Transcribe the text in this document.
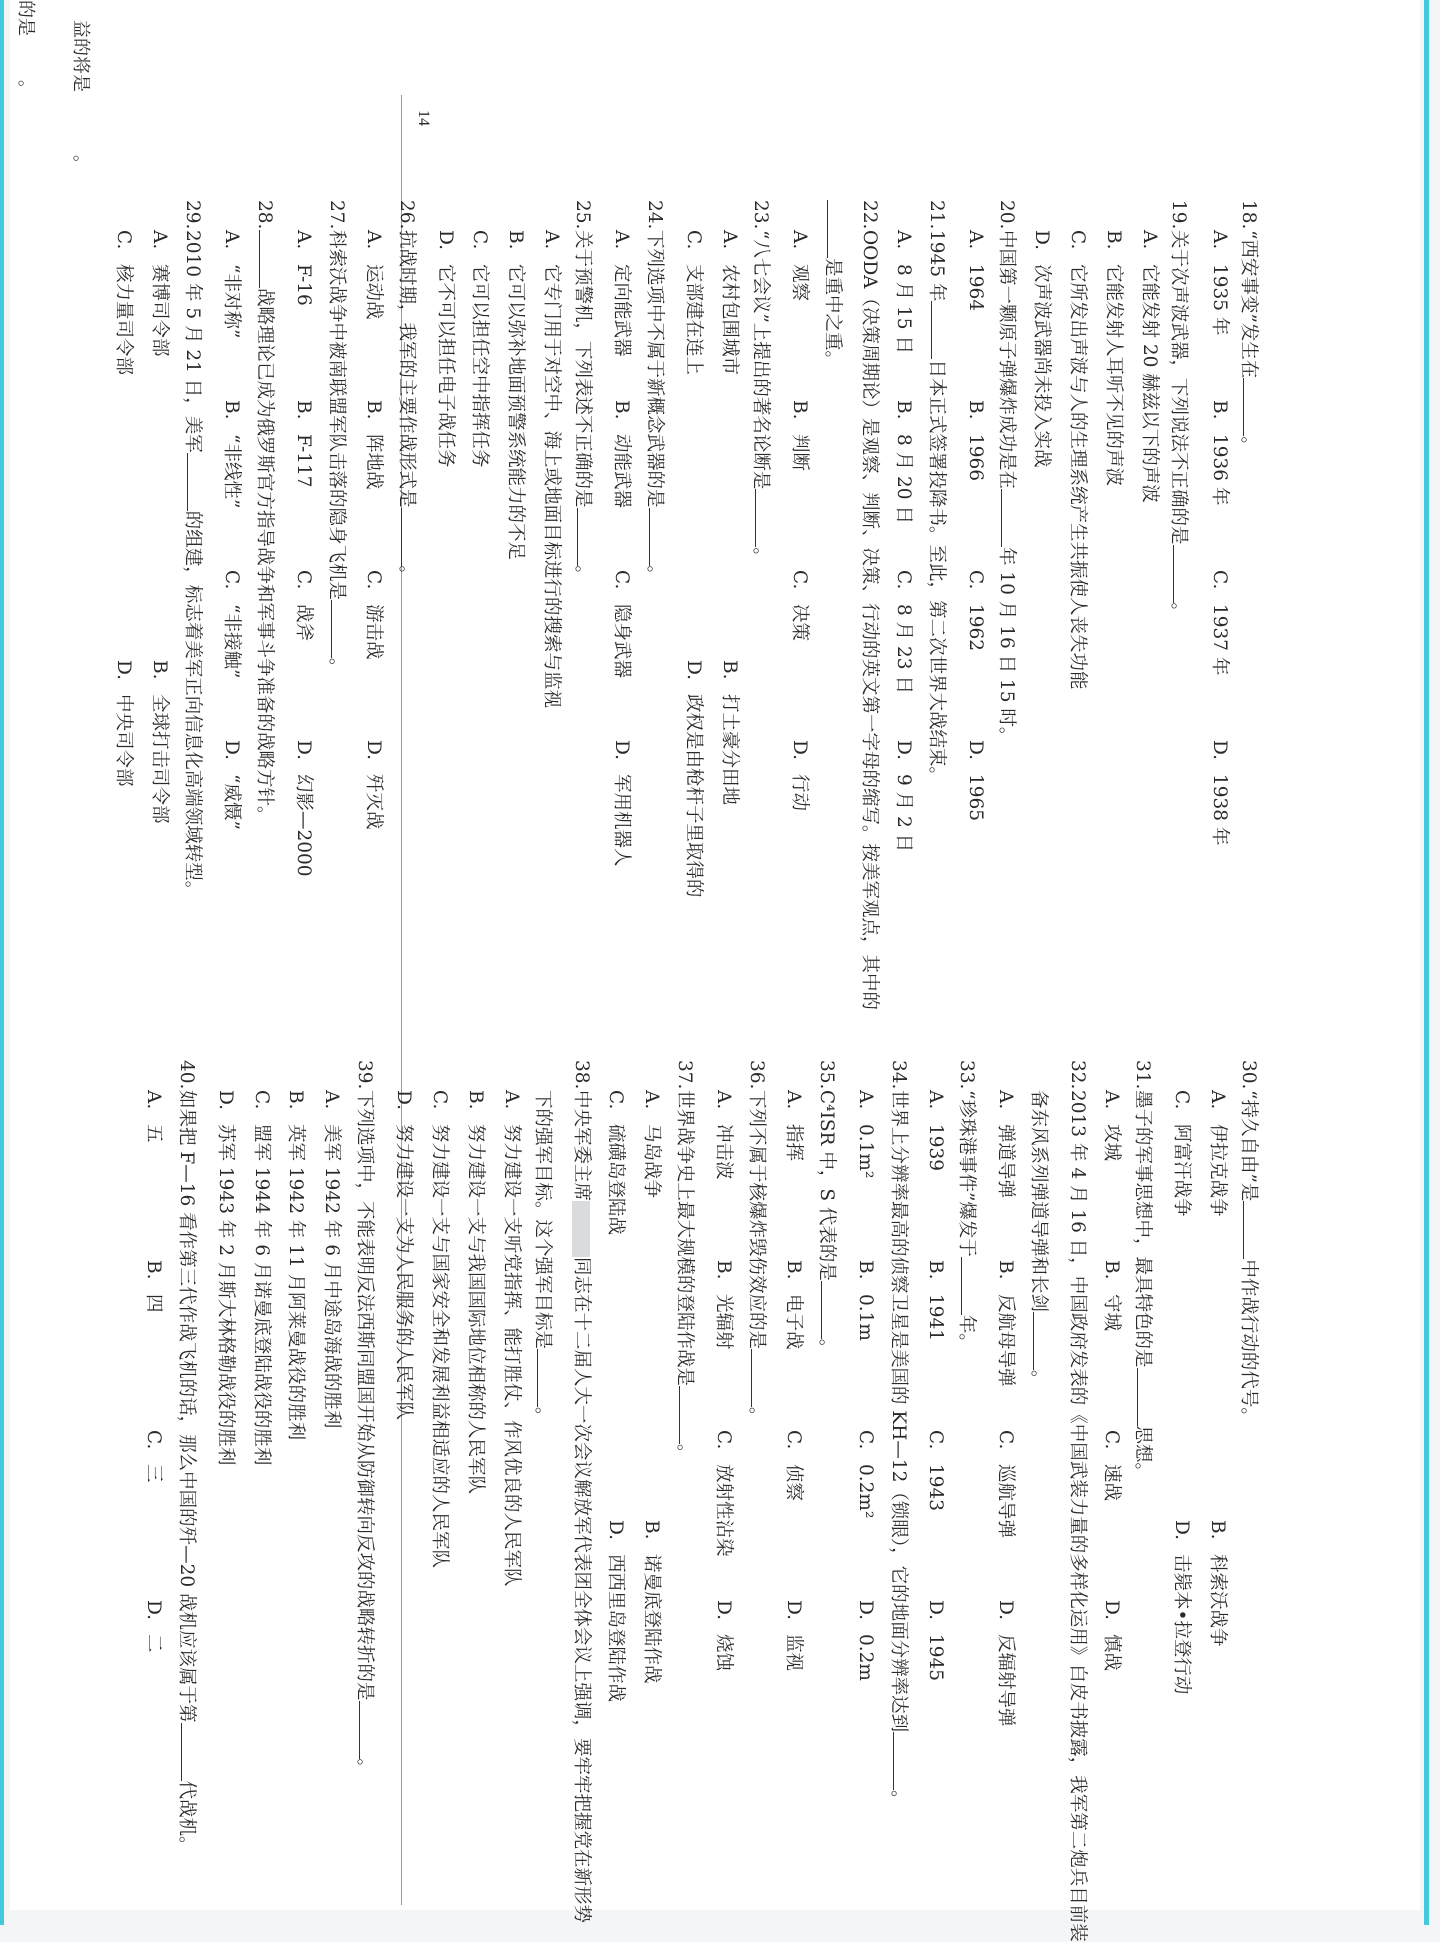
的是
。 益的将是
。
14
18.“西安事变”发生在。
A.1935 年
B.1936 年
C.1937 年
D.1938 年
19.关于次声波武器，下列说法不正确的是。
A.它能发射 20 赫兹以下的声波
B.它能发射人耳听不见的声波
C.它所发出声波与人的生理系统产生共振使人丧失功能
D.次声波武器尚未投入实战
20.中国第一颗原子弹爆炸成功是在年 10 月 16 日 15 时。
A.1964
B.1966
C.1962
D.1965
21.1945 年日本正式签署投降书。至此，第二次世界大战结束。
A.8 月 15 日
B.8 月 20 日
C.8 月 23 日
D.9 月 2 日
22.OODA（决策周期论）是观察、判断、决策、行动的英文第一字母的缩写。按美军观点，其中的
是重中之重。
A.观察
B.判断
C.决策
D.行动
23.“八七会议”上提出的著名论断是。
A.农村包围城市
B.打土豪分田地
C.支部建在连上
D.政权是由枪杆子里取得的
24.下列选项中不属于新概念武器的是。
A.定向能武器
B.动能武器
C.隐身武器
D.军用机器人
25.关于预警机，下列表述不正确的是。
A.它专门用于对空中、海上或地面目标进行的搜索与监视
B.它可以弥补地面预警系统能力的不足
C.它可以担任空中指挥任务
D.它不可以担任电子战任务
26.抗战时期，我军的主要作战形式是。
A.运动战
B.阵地战
C.游击战
D.歼灭战
27.科索沃战争中被南联盟军队击落的隐身飞机是。
A.F-16
B.F-117
C.战斧
D.幻影—2000
28.战略理论已成为俄罗斯官方指导战争和军事斗争准备的战略方针。
A.“非对称”
B.“非线性”
C.“非接触”
D.“威慑”
29.2010 年 5 月 21 日，美军的组建，标志着美军正向信息化高端领域转型。
A.赛博司令部
B.全球打击司令部
C.核力量司令部
D.中央司令部
30.“持久自由”是中作战行动的代号。
A.伊拉克战争
B.科索沃战争
C.阿富汗战争
D.击毙本•拉登行动
31.墨子的军事思想中，最具特色的是思想。
A.攻城
B.守城
C.速战
D.慎战
32.2013 年 4 月 16 日，中国政府发表的《中国武装力量的多样化运用》白皮书披露，我军第二炮兵目前装
备东风系列弹道导弹和长剑。
A.弹道导弹
B.反航母导弹
C.巡航导弹
D.反辐射导弹
33.“珍珠港事件”爆发于年。
A.1939
B.1941
C.1943
D.1945
34.世界上分辨率最高的侦察卫星是美国的 KH—12（锁眼），它的地面分辨率达到。
A.0.1m²
B.0.1m
C.0.2m²
D.0.2m
35.C⁴ISR 中，S 代表的是。
A.指挥
B.电子战
C.侦察
D.监视
36.下列不属于核爆炸毁伤效应的是。
A.冲击波
B.光辐射
C.放射性沾染
D.烧蚀
37.世界战争史上最大规模的登陆作战是。
A.马岛战争
B.诺曼底登陆作战
C.硫磺岛登陆战
D.西西里岛登陆作战
38.中央军委主席同志在十二届人大一次会议解放军代表团全体会议上强调，要牢牢把握党在新形势
下的强军目标。这个强军目标是。
A.努力建设一支听党指挥、能打胜仗、作风优良的人民军队
B.努力建设一支与我国国际地位相称的人民军队
C.努力建设一支与国家安全和发展利益相适应的人民军队
D.努力建设一支为人民服务的人民军队
39.下列选项中，不能表明反法西斯同盟国开始从防御转向反攻的战略转折的是。
A.美军 1942 年 6 月中途岛海战的胜利
B.英军 1942 年 11 月阿莱曼战役的胜利
C.盟军 1944 年 6 月诺曼底登陆战役的胜利
D.苏军 1943 年 2 月斯大林格勒战役的胜利
40.如果把 F—16 看作第三代作战飞机的话，那么中国的歼—20 战机应该属于第代战机。
A.五
B.四
C.三
D.二
